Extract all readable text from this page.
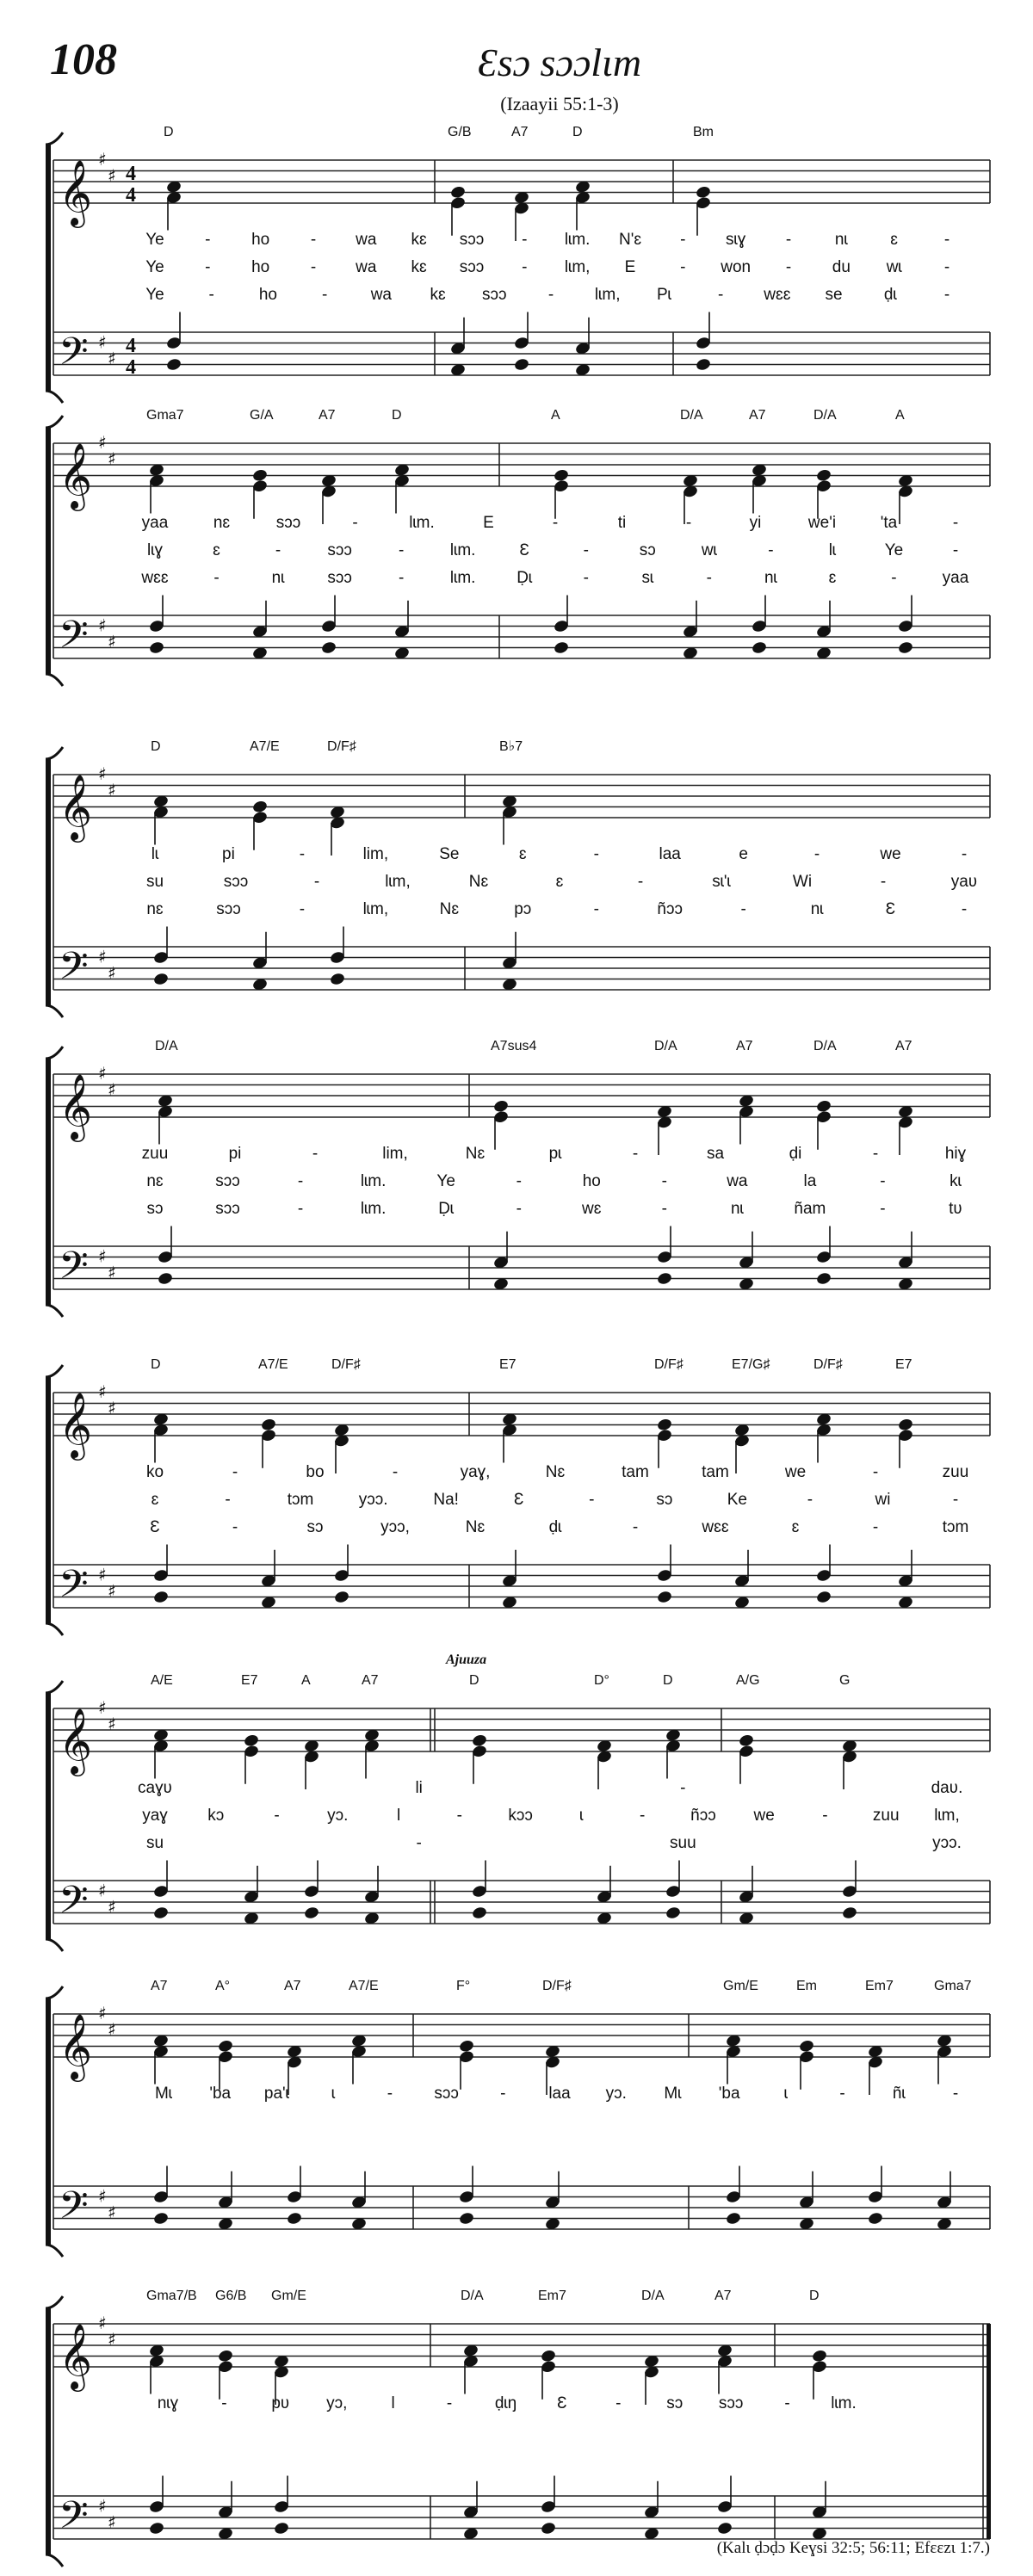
108	Ɛsɔ sɔɔlɩm
(Izaayii 55:1-3)
𝄞
𝄢
♯
♯
♯
♯
4
4
4
4
D	G/B	A7	D	Bm
Ye -	ho	- wa kɛ sɔɔ - lɩm. N'ɛ - sɩɣ -	nɩ	ɛ	-
Ye -	ho	- wa kɛ sɔɔ - lɩm, E	- won -	du wɩ	-
Ye	-	ho	-	wa kɛ sɔɔ	-	lɩm, Pɩ	- wɛɛ se	ḍɩ	-
𝄞
𝄢
♯
♯
♯
♯
Gma7	G/A	A7	D	A	D/A	A7	D/A	A
yaa	nɛ	sɔɔ	-	lɩm.	E	-	ti	-	yi	we'i	'ta	-
lɩɣ	ɛ	-	sɔɔ	-	lɩm.	Ɛ	-	sɔ	wɩ	-	lɩ	Ye	-
wɛɛ	-	nɩ	sɔɔ	-	lɩm.	Ḍɩ	-	sɩ	-	nɩ	ɛ	-	yaa
𝄞
𝄢
♯
♯
♯
♯
D	A7/E	D/F♯	B♭7
lɩ	pi	-	lim,	Se	ɛ	-	laa	e	-	we	-
su	sɔɔ	-	lɩm,	Nɛ	ɛ	-	sɩ'ɩ	Wi	-	yaʋ
nɛ	sɔɔ	-	lɩm,	Nɛ	pɔ	-	ñɔɔ	-	nɩ	Ɛ	-
𝄞
𝄢
♯
♯
♯
♯
D/A	A7sus4	D/A	A7	D/A	A7
zuu	pi	-	lim,	Nɛ	pɩ	-	sa	ḍi	-	hiɣ
nɛ	sɔɔ	-	lɩm.	Ye	-	ho	-	wa	la	-	kɩ
sɔ	sɔɔ	-	lɩm.	Ḍɩ	-	wɛ	-	nɩ	ñam	-	tʋ
𝄞
𝄢
♯
♯
♯
♯
D	A7/E	D/F♯	E7	D/F♯	E7/G♯	D/F♯	E7
ko	-	bo	-	yaɣ,	Nɛ	tam	tam	we	-	zuu
ɛ	-	tɔm	yɔɔ.	Na!	Ɛ	-	sɔ	Ke	-	wi	-
Ɛ	-	sɔ	yɔɔ,	Nɛ	ḍɩ	-	wɛɛ	ɛ	-	tɔm
𝄞
𝄢
♯
♯
♯
♯
A/E	E7	A	A7	D	D°	D	A/G	G
Ajuuza
caɣʋ	li	-	daʋ.
yaɣ kɔ	-	yɔ.	l	-	kɔɔ	ɩ	-	ñɔɔ we	-	zuu lɩm,
su	-	suu	yɔɔ.
𝄞
𝄢
♯
♯
♯
♯
A7	A°	A7	A7/E	F°	D/F♯	Gm/E	Em	Em7	Gma7
Mɩ 'ba pa'ɩ	ɩ	-	sɔɔ	-	laa yɔ. Mɩ 'ba	ɩ	-	ñɩ	-
𝄞
𝄢
♯
♯
♯
♯
Gma7/B G6/B Gm/E	D/A	Em7	D/A	A7	D
nɩɣ	-	pʋ yɔ,	l	-	ḍɩŋ Ɛ	-	sɔ sɔɔ	- lɩm.
(Kalɩ ḍɔḍɔ Keɣsi 32:5; 56:11; Efɛɛzɩ 1:7.)
